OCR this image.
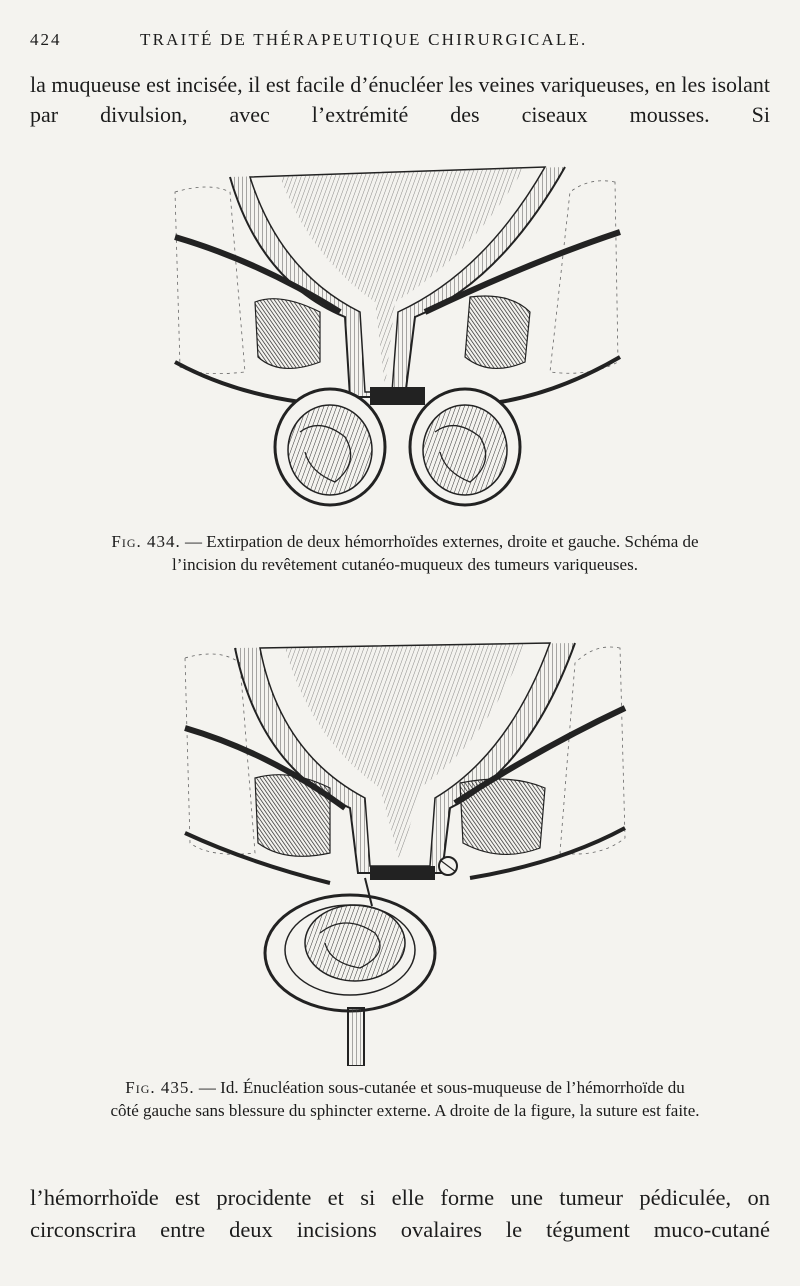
424	TRAITÉ DE THÉRAPEUTIQUE CHIRURGICALE.
la muqueuse est incisée, il est facile d’énucléer les veines variqueuses, en les isolant par divulsion, avec l’extrémité des ciseaux mousses. Si
Fig. 434. — Extirpation de deux hémorrhoïdes externes, droite et gauche. Schéma de l’incision du revêtement cutanéo-muqueux des tumeurs variqueuses.
Fig. 435. — Id. Énucléation sous-cutanée et sous-muqueuse de l’hémorrhoïde du côté gauche sans blessure du sphincter externe. A droite de la figure, la suture est faite.
l’hémorrhoïde est procidente et si elle forme une tumeur pédiculée, on circonscrira entre deux incisions ovalaires le tégument muco-cutané
